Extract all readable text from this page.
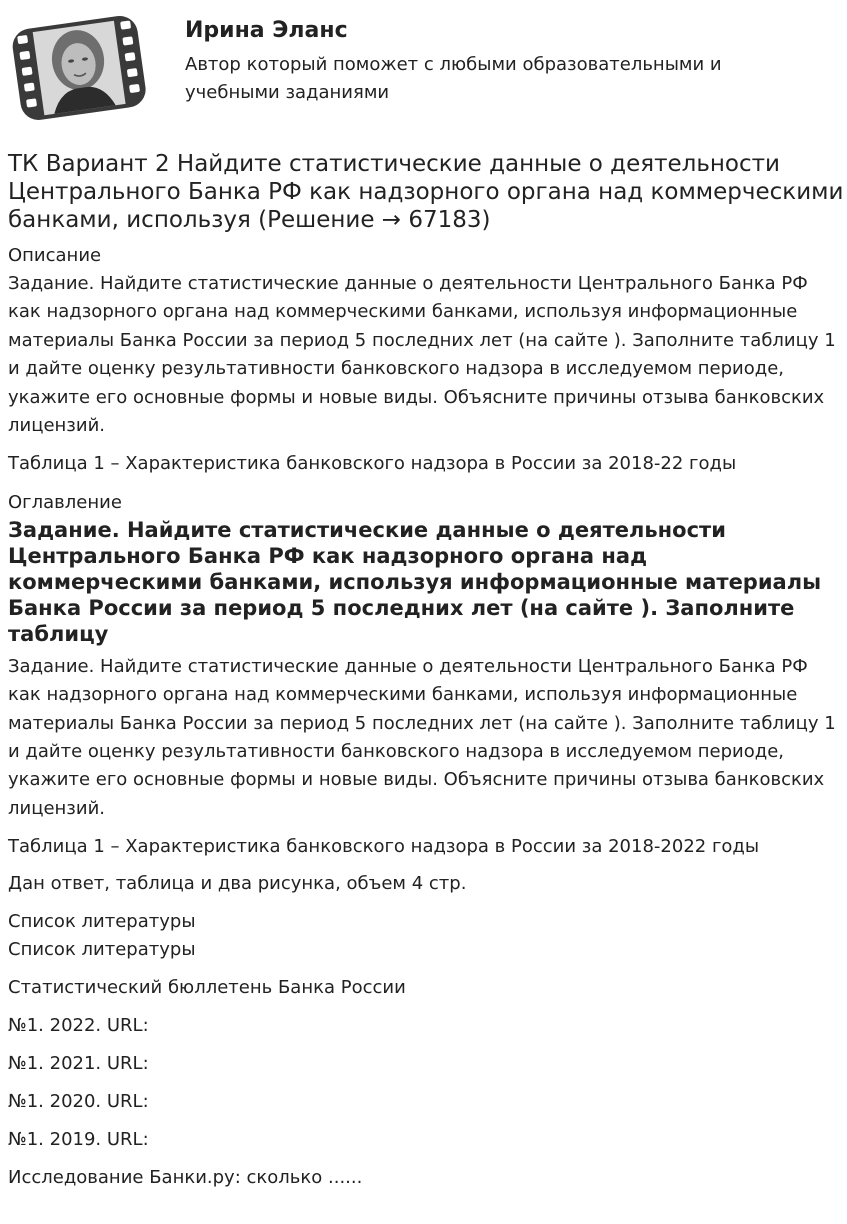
Ирина Эланс

Автор который поможет с любыми образовательными и учебными заданиями

ТК Вариант 2 Найдите статистические данные о деятельности Центрального Банка РФ как надзорного органа над коммерческими банками, используя (Решение → 67183)
Описание

Задание. Найдите статистические данные о деятельности Центрального Банка РФ как надзорного органа над коммерческими банками, используя информационные материалы Банка России за период 5 последних лет (на сайте ). Заполните таблицу 1 и дайте оценку результативности банковского надзора в исследуемом периоде, укажите его основные формы и новые виды. Объясните причины отзыва банковских лицензий.

Таблица 1 – Характеристика банковского надзора в России за 2018-22 годы

Оглавление
Задание. Найдите статистические данные о деятельности Центрального Банка РФ как надзорного органа над коммерческими банками, используя информационные материалы Банка России за период 5 последних лет (на сайте ). Заполните таблицу

Задание. Найдите статистические данные о деятельности Центрального Банка РФ как надзорного органа над коммерческими банками, используя информационные материалы Банка России за период 5 последних лет (на сайте ). Заполните таблицу 1 и дайте оценку результативности банковского надзора в исследуемом периоде, укажите его основные формы и новые виды. Объясните причины отзыва банковских лицензий.

Таблица 1 – Характеристика банковского надзора в России за 2018-2022 годы

Дан ответ, таблица и два рисунка, объем 4 стр.

Список литературы
Список литературы

Статистический бюллетень Банка России

№1. 2022. URL:

№1. 2021. URL:

№1. 2020. URL:

№1. 2019. URL:

Исследование Банки.ру: сколько ......
